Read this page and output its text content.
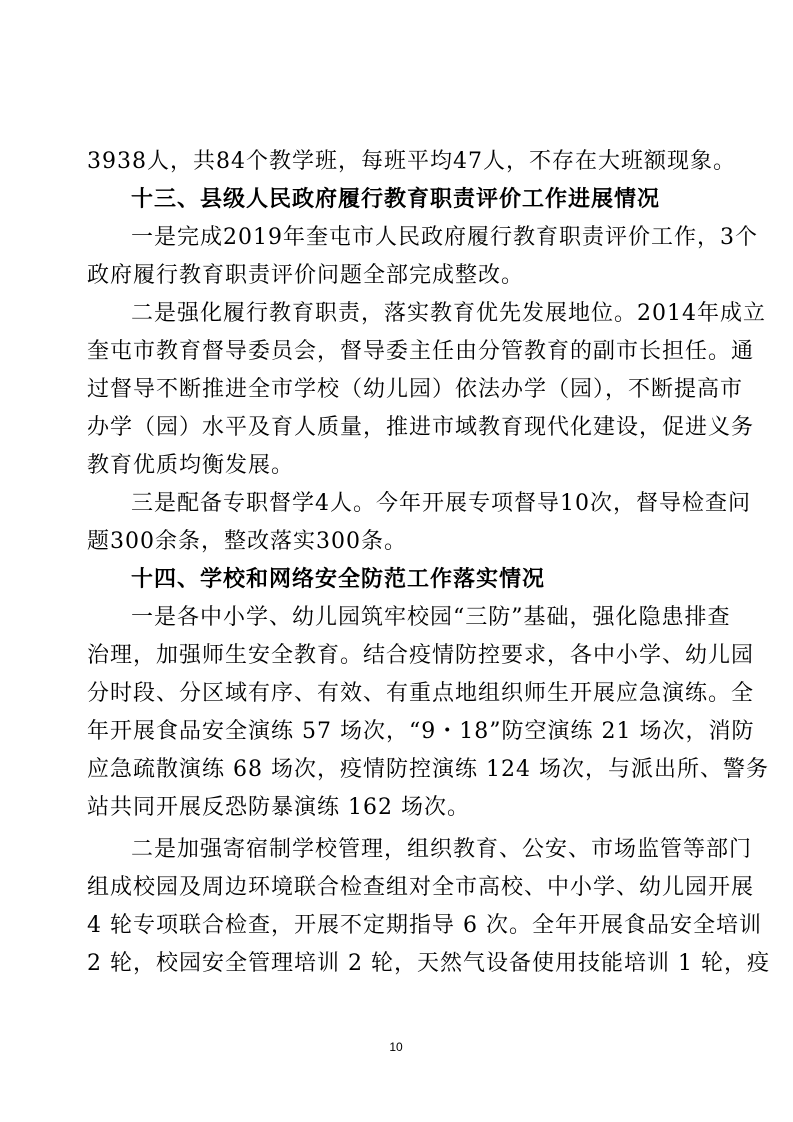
3938人，共84个教学班，每班平均47人，不存在大班额现象。
十三、县级人民政府履行教育职责评价工作进展情况
一是完成2019年奎屯市人民政府履行教育职责评价工作，3个
政府履行教育职责评价问题全部完成整改。
二是强化履行教育职责，落实教育优先发展地位。2014年成立
奎屯市教育督导委员会，督导委主任由分管教育的副市长担任。通
过督导不断推进全市学校（幼儿园）依法办学（园），不断提高市
办学（园）水平及育人质量，推进市域教育现代化建设，促进义务
教育优质均衡发展。
三是配备专职督学4人。今年开展专项督导10次，督导检查问
题300余条，整改落实300条。
十四、学校和网络安全防范工作落实情况
一是各中小学、幼儿园筑牢校园“三防”基础，强化隐患排查
治理，加强师生安全教育。结合疫情防控要求，各中小学、幼儿园
分时段、分区域有序、有效、有重点地组织师生开展应急演练。全
年开展食品安全演练 57 场次，“9・18”防空演练 21 场次，消防
应急疏散演练 68 场次，疫情防控演练 124 场次，与派出所、警务
站共同开展反恐防暴演练 162 场次。
二是加强寄宿制学校管理，组织教育、公安、市场监管等部门
组成校园及周边环境联合检查组对全市高校、中小学、幼儿园开展
4 轮专项联合检查，开展不定期指导 6 次。全年开展食品安全培训
2 轮，校园安全管理培训 2 轮，天然气设备使用技能培训 1 轮，疫
10
